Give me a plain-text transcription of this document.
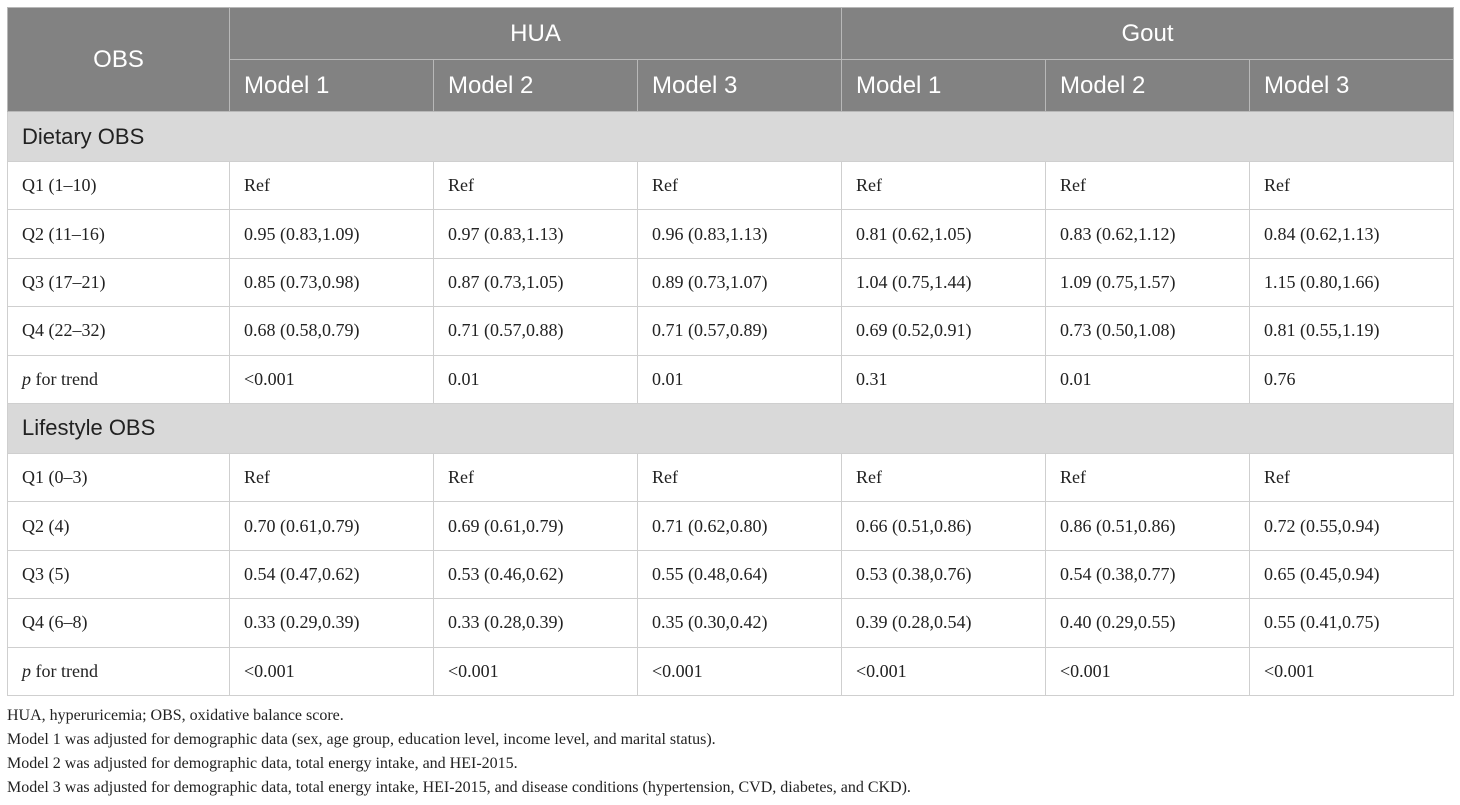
OBS	HUA			Gout		
	Model 1	Model 2	Model 3	Model 1	Model 2	Model 3
Dietary OBS						
Q1 (1–10)	Ref	Ref	Ref	Ref	Ref	Ref
Q2 (11–16)	0.95 (0.83,1.09)	0.97 (0.83,1.13)	0.96 (0.83,1.13)	0.81 (0.62,1.05)	0.83 (0.62,1.12)	0.84 (0.62,1.13)
Q3 (17–21)	0.85 (0.73,0.98)	0.87 (0.73,1.05)	0.89 (0.73,1.07)	1.04 (0.75,1.44)	1.09 (0.75,1.57)	1.15 (0.80,1.66)
Q4 (22–32)	0.68 (0.58,0.79)	0.71 (0.57,0.88)	0.71 (0.57,0.89)	0.69 (0.52,0.91)	0.73 (0.50,1.08)	0.81 (0.55,1.19)
p for trend	<0.001	0.01	0.01	0.31	0.01	0.76
Lifestyle OBS						
Q1 (0–3)	Ref	Ref	Ref	Ref	Ref	Ref
Q2 (4)	0.70 (0.61,0.79)	0.69 (0.61,0.79)	0.71 (0.62,0.80)	0.66 (0.51,0.86)	0.86 (0.51,0.86)	0.72 (0.55,0.94)
Q3 (5)	0.54 (0.47,0.62)	0.53 (0.46,0.62)	0.55 (0.48,0.64)	0.53 (0.38,0.76)	0.54 (0.38,0.77)	0.65 (0.45,0.94)
Q4 (6–8)	0.33 (0.29,0.39)	0.33 (0.28,0.39)	0.35 (0.30,0.42)	0.39 (0.28,0.54)	0.40 (0.29,0.55)	0.55 (0.41,0.75)
p for trend	<0.001	<0.001	<0.001	<0.001	<0.001	<0.001
HUA, hyperuricemia; OBS, oxidative balance score.
Model 1 was adjusted for demographic data (sex, age group, education level, income level, and marital status).
Model 2 was adjusted for demographic data, total energy intake, and HEI-2015.
Model 3 was adjusted for demographic data, total energy intake, HEI-2015, and disease conditions (hypertension, CVD, diabetes, and CKD).
